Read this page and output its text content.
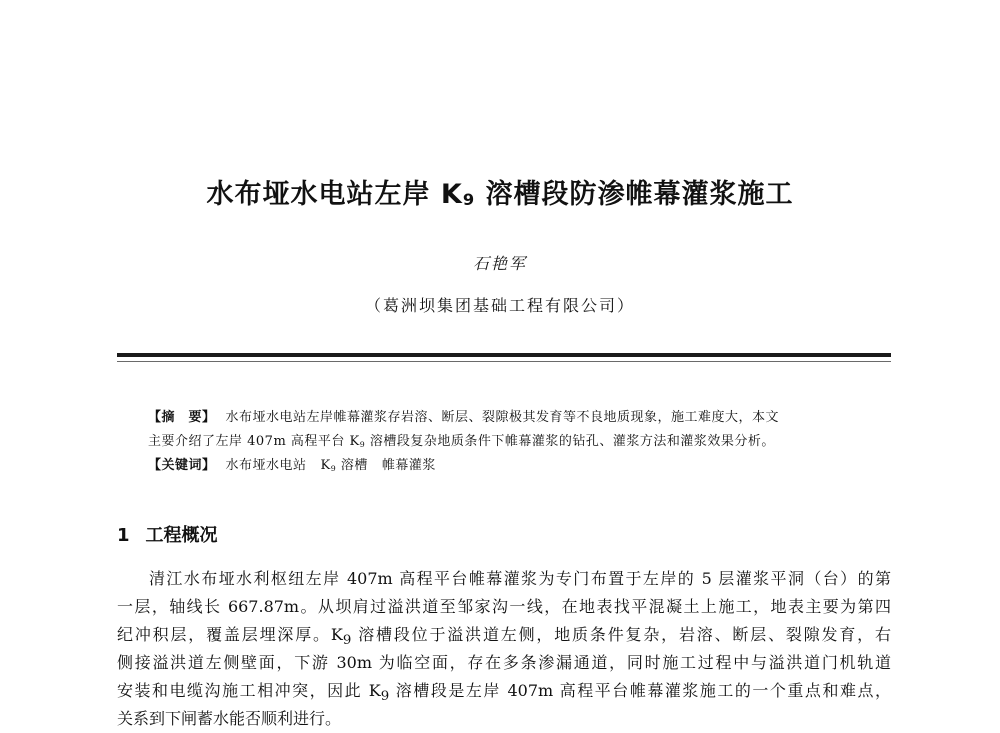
水布垭水电站左岸 $K_9$ 溶槽段防渗帷幕灌浆施工
石艳军
（葛洲坝集团基础工程有限公司）
【摘　要】 水布垭水电站左岸帷幕灌浆存岩溶、断层、裂隙极其发育等不良地质现象，施工难度大，本文
主要介绍了左岸 407m 高程平台 $K_9$ 溶槽段复杂地质条件下帷幕灌浆的钻孔、灌浆方法和灌浆效果分析。
【关键词】 水布垭水电站 $K_9$ 溶槽 帷幕灌浆
1 工程概况
清江水布垭水利枢纽左岸 407m 高程平台帷幕灌浆为专门布置于左岸的 5 层灌浆平洞（台）的第
一层，轴线长 667.87m。从坝肩过溢洪道至邹家沟一线，在地表找平混凝土上施工，地表主要为第四
纪冲积层，覆盖层埋深厚。$K_9$ 溶槽段位于溢洪道左侧，地质条件复杂，岩溶、断层、裂隙发育，右
侧接溢洪道左侧壁面，下游 30m 为临空面，存在多条渗漏通道，同时施工过程中与溢洪道门机轨道
安装和电缆沟施工相冲突，因此 $K_9$ 溶槽段是左岸 407m 高程平台帷幕灌浆施工的一个重点和难点，
关系到下闸蓄水能否顺利进行。
